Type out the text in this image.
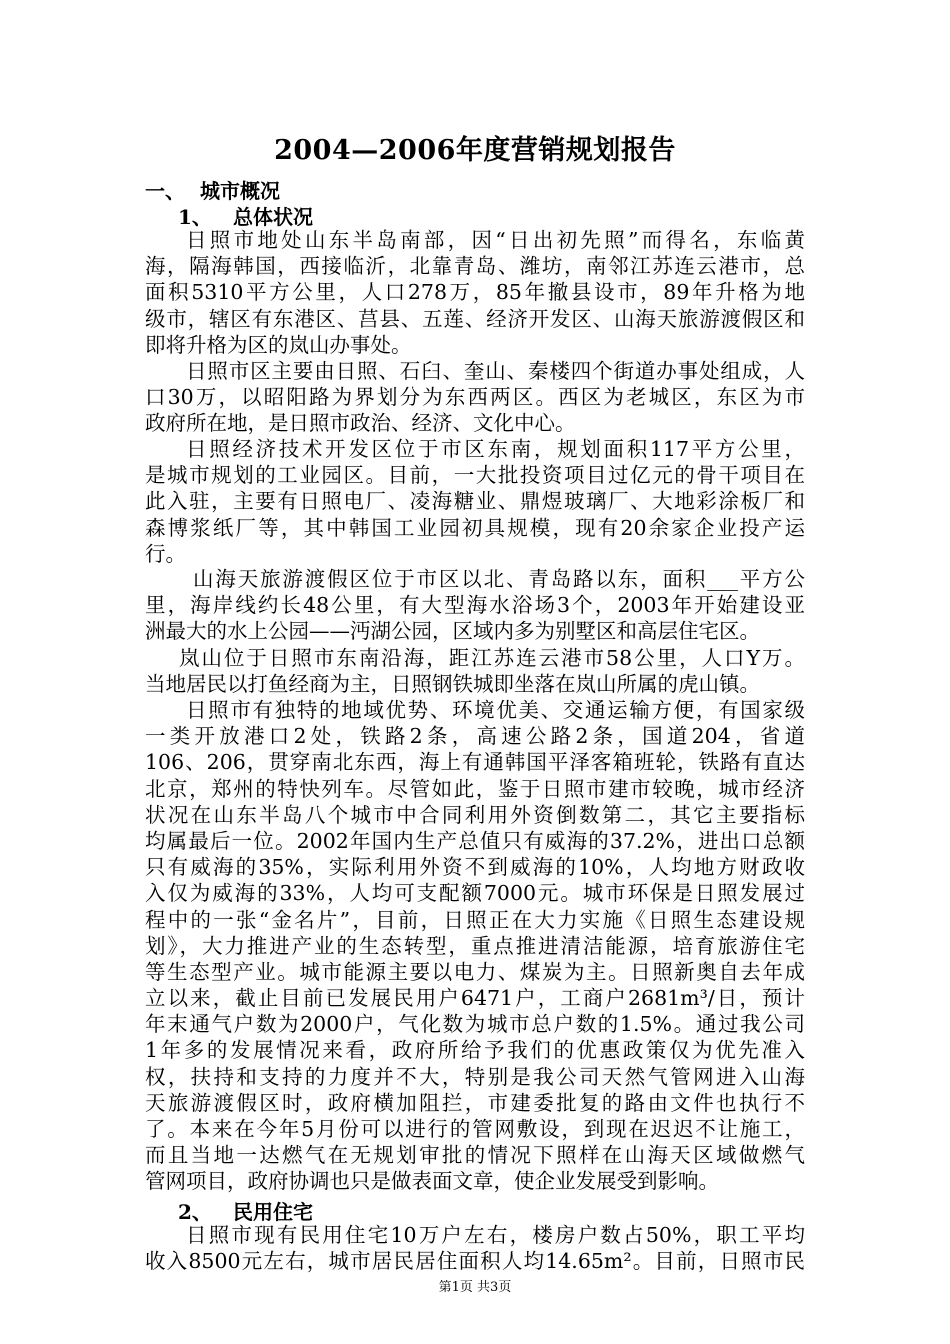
2004—2006年度营销规划报告
一、 城市概况
1、 总体状况
日照市地处山东半岛南部，因“日出初先照”而得名，东临黄
海，隔海韩国，西接临沂，北靠青岛、潍坊，南邻江苏连云港市，总
面积5310平方公里，人口278万，85年撤县设市，89年升格为地
级市，辖区有东港区、莒县、五莲、经济开发区、山海天旅游渡假区和
即将升格为区的岚山办事处。
日照市区主要由日照、石臼、奎山、秦楼四个街道办事处组成，人
口30万，以昭阳路为界划分为东西两区。西区为老城区，东区为市
政府所在地，是日照市政治、经济、文化中心。
日照经济技术开发区位于市区东南，规划面积117平方公里，
是城市规划的工业园区。目前，一大批投资项目过亿元的骨干项目在
此入驻，主要有日照电厂、凌海糖业、鼎煜玻璃厂、大地彩涂板厂和
森博浆纸厂等，其中韩国工业园初具规模，现有20余家企业投产运
行。
山海天旅游渡假区位于市区以北、青岛路以东，面积___平方公
里，海岸线约长48公里，有大型海水浴场3个，2003年开始建设亚
洲最大的水上公园——沔湖公园，区域内多为别墅区和高层住宅区。
岚山位于日照市东南沿海，距江苏连云港市58公里，人口Y万。
当地居民以打鱼经商为主，日照钢铁城即坐落在岚山所属的虎山镇。
日照市有独特的地域优势、环境优美、交通运输方便，有国家级
一类开放港口2处，铁路2条，高速公路2条，国道204，省道
106、206，贯穿南北东西，海上有通韩国平泽客箱班轮，铁路有直达
北京，郑州的特快列车。尽管如此，鉴于日照市建市较晚，城市经济
状况在山东半岛八个城市中合同利用外资倒数第二，其它主要指标
均属最后一位。2002年国内生产总值只有威海的37.2%，进出口总额
只有威海的35%，实际利用外资不到威海的10%，人均地方财政收
入仅为威海的33%，人均可支配额7000元。城市环保是日照发展过
程中的一张“金名片”，目前，日照正在大力实施《日照生态建设规
划》，大力推进产业的生态转型，重点推进清洁能源，培育旅游住宅
等生态型产业。城市能源主要以电力、煤炭为主。日照新奥自去年成
立以来，截止目前已发展民用户6471户，工商户2681m³/日，预计
年末通气户数为2000户，气化数为城市总户数的1.5%。通过我公司
1年多的发展情况来看，政府所给予我们的优惠政策仅为优先准入
权，扶持和支持的力度并不大，特别是我公司天然气管网进入山海
天旅游渡假区时，政府横加阻拦，市建委批复的路由文件也执行不
了。本来在今年5月份可以进行的管网敷设，到现在迟迟不让施工，
而且当地一达燃气在无规划审批的情况下照样在山海天区域做燃气
管网项目，政府协调也只是做表面文章，使企业发展受到影响。
2、 民用住宅
日照市现有民用住宅10万户左右，楼房户数占50%，职工平均
收入8500元左右，城市居民居住面积人均14.65m²。目前，日照市民
第1页 共3页
